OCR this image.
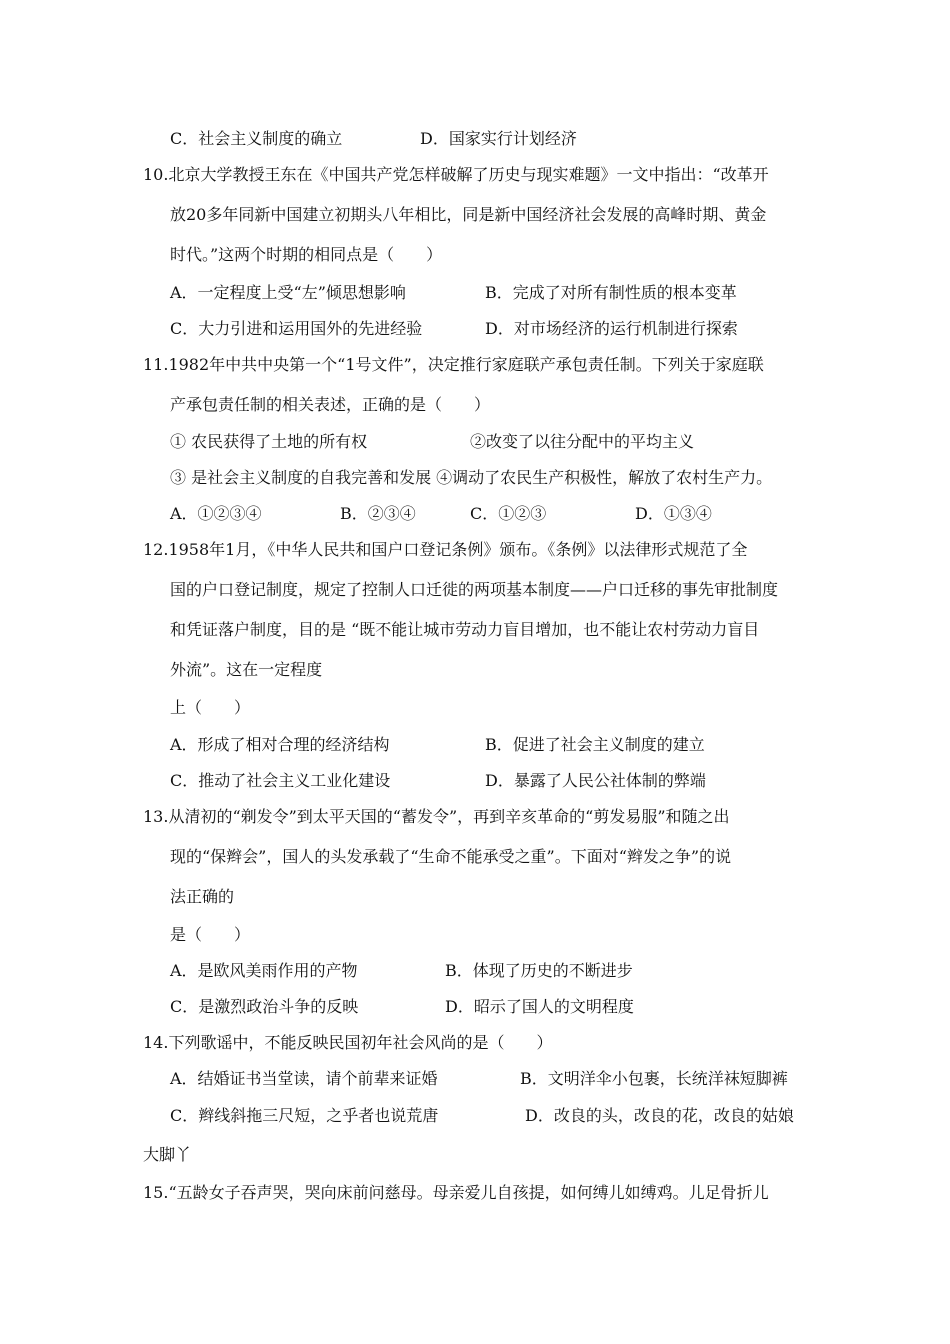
C．社会主义制度的确立	D．国家实行计划经济
10.北京大学教授王东在《中国共产党怎样破解了历史与现实难题》一文中指出：“改革开
放20多年同新中国建立初期头八年相比，同是新中国经济社会发展的高峰时期、黄金
时代。”这两个时期的相同点是（　　）
A．一定程度上受“左”倾思想影响	B．完成了对所有制性质的根本变革
C．大力引进和运用国外的先进经验	D．对市场经济的运行机制进行探索
11.1982年中共中央第一个“1号文件”，决定推行家庭联产承包责任制。下列关于家庭联
产承包责任制的相关表述，正确的是（　　）
① 农民获得了土地的所有权	②改变了以往分配中的平均主义
③ 是社会主义制度的自我完善和发展 ④调动了农民生产积极性，解放了农村生产力。
A．①②③④	B．②③④	C．①②③	D．①③④
12.1958年1月，《中华人民共和国户口登记条例》颁布。《条例》以法律形式规范了全
国的户口登记制度，规定了控制人口迁徙的两项基本制度——户口迁移的事先审批制度
和凭证落户制度，目的是 “既不能让城市劳动力盲目增加，也不能让农村劳动力盲目
外流”。这在一定程度
上（　　）
A．形成了相对合理的经济结构	B．促进了社会主义制度的建立
C．推动了社会主义工业化建设	D．暴露了人民公社体制的弊端
13.从清初的“剃发令”到太平天国的“蓄发令”，再到辛亥革命的“剪发易服”和随之出
现的“保辫会”，国人的头发承载了“生命不能承受之重”。下面对“辫发之争”的说
法正确的
是（　　）
A．是欧风美雨作用的产物	B．体现了历史的不断进步
C．是激烈政治斗争的反映	D．昭示了国人的文明程度
14.下列歌谣中，不能反映民国初年社会风尚的是（　　）
A．结婚证书当堂读，请个前辈来证婚	B．文明洋伞小包裹，长统洋袜短脚裤
C．辫线斜拖三尺短，之乎者也说荒唐	D．改良的头，改良的花，改良的姑娘
大脚丫
15.“五龄女子吞声哭，哭向床前问慈母。母亲爱儿自孩提，如何缚儿如缚鸡。儿足骨折儿
